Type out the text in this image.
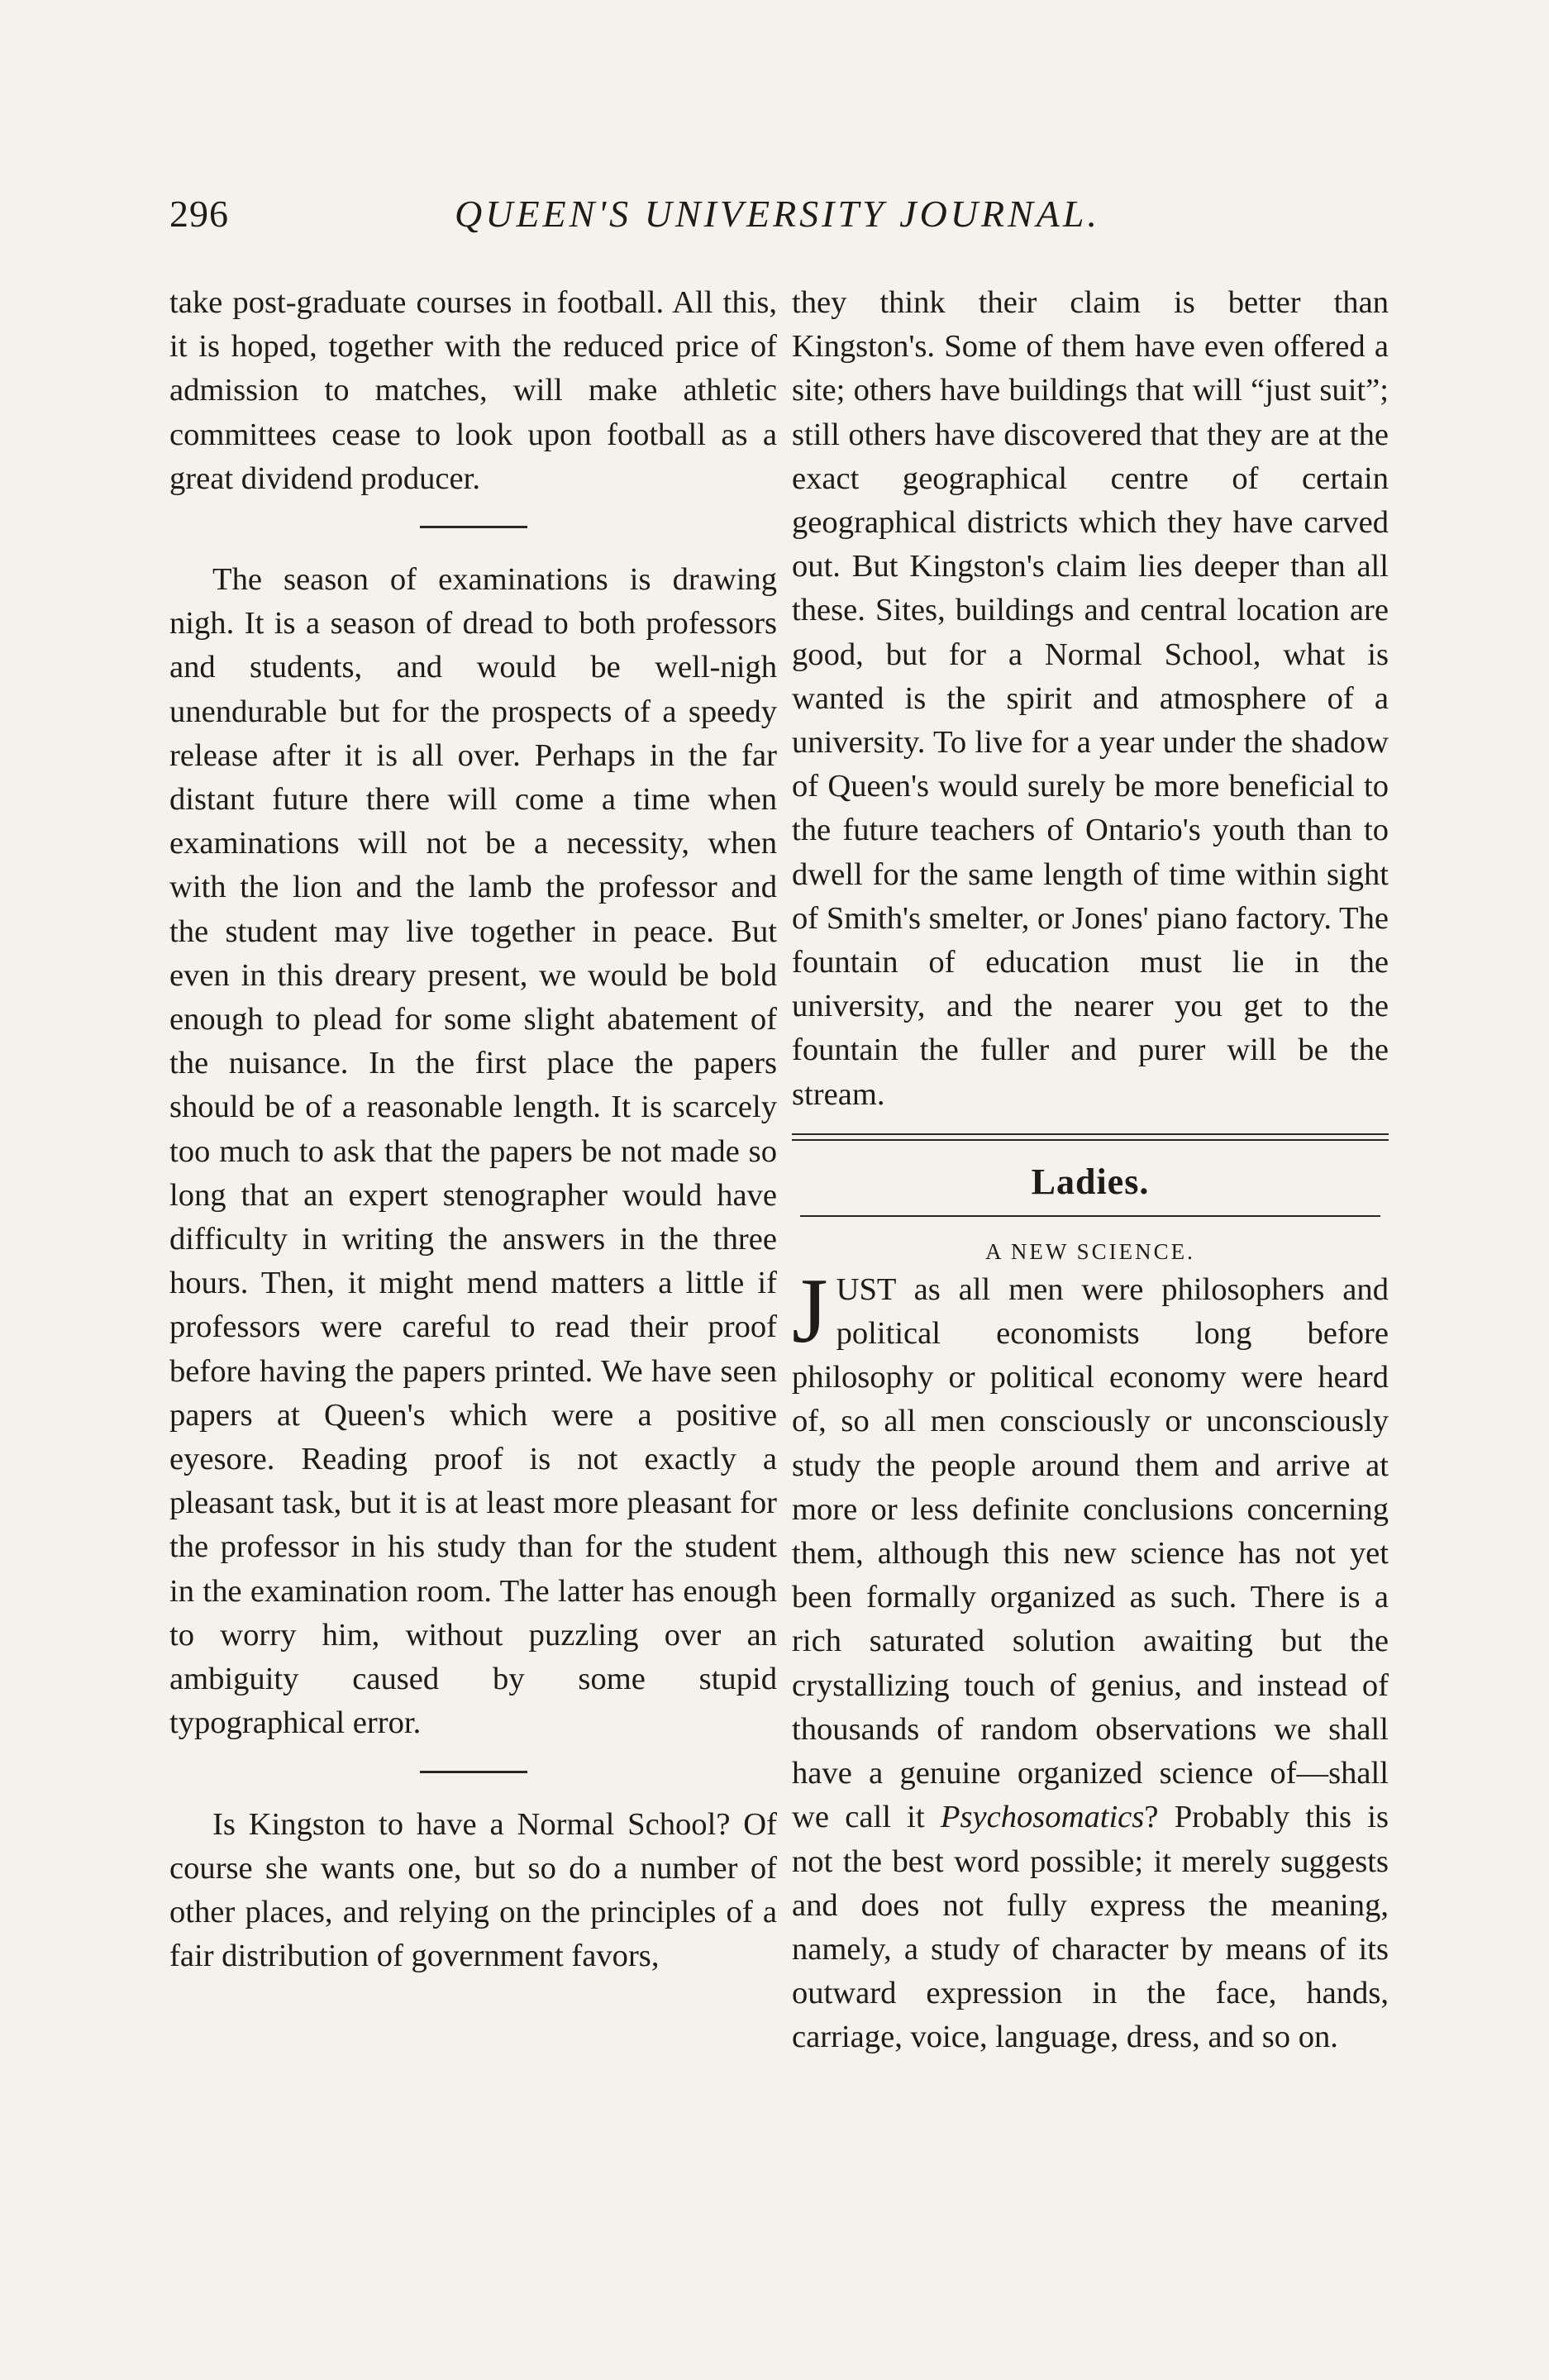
296	QUEEN'S UNIVERSITY JOURNAL.

take post-graduate courses in football. All this, it is hoped, together with the reduced price of admission to matches, will make athletic committees cease to look upon football as a great dividend producer.

The season of examinations is drawing nigh. It is a season of dread to both professors and students, and would be well-nigh unendurable but for the prospects of a speedy release after it is all over. Perhaps in the far distant future there will come a time when examinations will not be a necessity, when with the lion and the lamb the professor and the student may live together in peace. But even in this dreary present, we would be bold enough to plead for some slight abatement of the nuisance. In the first place the papers should be of a reasonable length. It is scarcely too much to ask that the papers be not made so long that an expert stenographer would have difficulty in writing the answers in the three hours. Then, it might mend matters a little if professors were careful to read their proof before having the papers printed. We have seen papers at Queen's which were a positive eyesore. Reading proof is not exactly a pleasant task, but it is at least more pleasant for the professor in his study than for the student in the examination room. The latter has enough to worry him, without puzzling over an ambiguity caused by some stupid typographical error.

Is Kingston to have a Normal School? Of course she wants one, but so do a number of other places, and relying on the principles of a fair distribution of government favors,

they think their claim is better than Kingston's. Some of them have even offered a site; others have buildings that will “just suit”; still others have discovered that they are at the exact geographical centre of certain geographical districts which they have carved out. But Kingston's claim lies deeper than all these. Sites, buildings and central location are good, but for a Normal School, what is wanted is the spirit and atmosphere of a university. To live for a year under the shadow of Queen's would surely be more beneficial to the future teachers of Ontario's youth than to dwell for the same length of time within sight of Smith's smelter, or Jones' piano factory. The fountain of education must lie in the university, and the nearer you get to the fountain the fuller and purer will be the stream.

Ladies.

A NEW SCIENCE.

JUST as all men were philosophers and political economists long before philosophy or political economy were heard of, so all men consciously or unconsciously study the people around them and arrive at more or less definite conclusions concerning them, although this new science has not yet been formally organized as such. There is a rich saturated solution awaiting but the crystallizing touch of genius, and instead of thousands of random observations we shall have a genuine organized science of—shall we call it Psychosomatics? Probably this is not the best word possible; it merely suggests and does not fully express the meaning, namely, a study of character by means of its outward expression in the face, hands, carriage, voice, language, dress, and so on.
